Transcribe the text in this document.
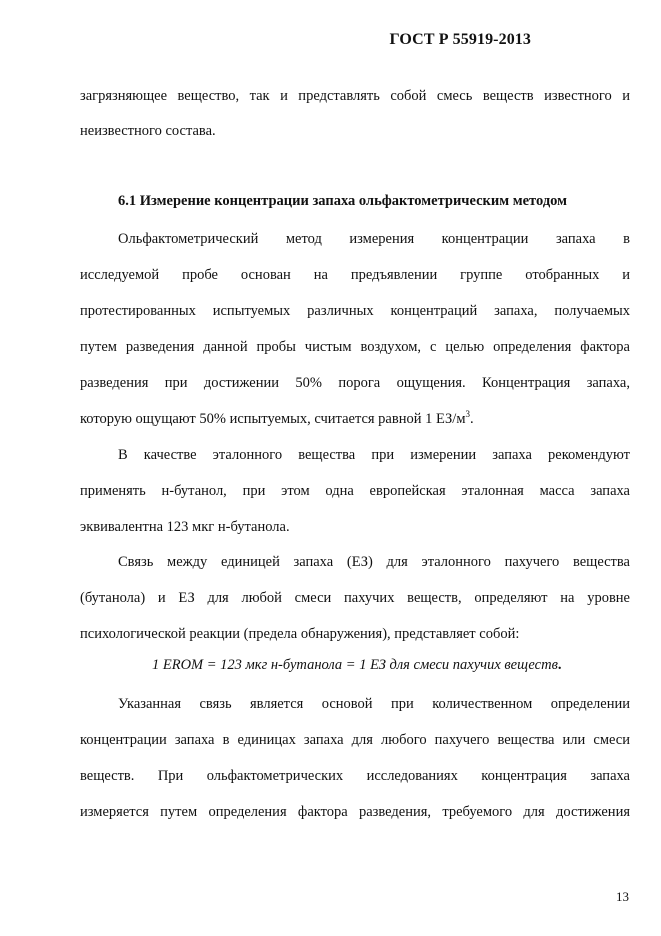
ГОСТ Р 55919-2013
загрязняющее вещество, так и представлять собой смесь веществ известного и
неизвестного состава.
6.1 Измерение концентрации запаха ольфактометрическим методом
Ольфактометрический метод измерения концентрации запаха в
исследуемой пробе основан на предъявлении группе отобранных и
протестированных испытуемых различных концентраций запаха, получаемых
путем разведения данной пробы чистым воздухом, с целью определения фактора
разведения при достижении 50% порога ощущения. Концентрация запаха,
которую ощущают 50% испытуемых, считается равной 1 $ЕЗ/м^3$.
В качестве эталонного вещества при измерении запаха рекомендуют
применять н-бутанол, при этом одна европейская эталонная масса запаха
эквивалентна 123 мкг н-бутанола.
Связь между единицей запаха (ЕЗ) для эталонного пахучего вещества
(бутанола) и ЕЗ для любой смеси пахучих веществ, определяют на уровне
психологической реакции (предела обнаружения), представляет собой:
1 EROM = 123 мкг н-бутанола = 1 ЕЗ для смеси пахучих веществ.
Указанная связь является основой при количественном определении
концентрации запаха в единицах запаха для любого пахучего вещества или смеси
веществ. При ольфактометрических исследованиях концентрация запаха
измеряется путем определения фактора разведения, требуемого для достижения
13
